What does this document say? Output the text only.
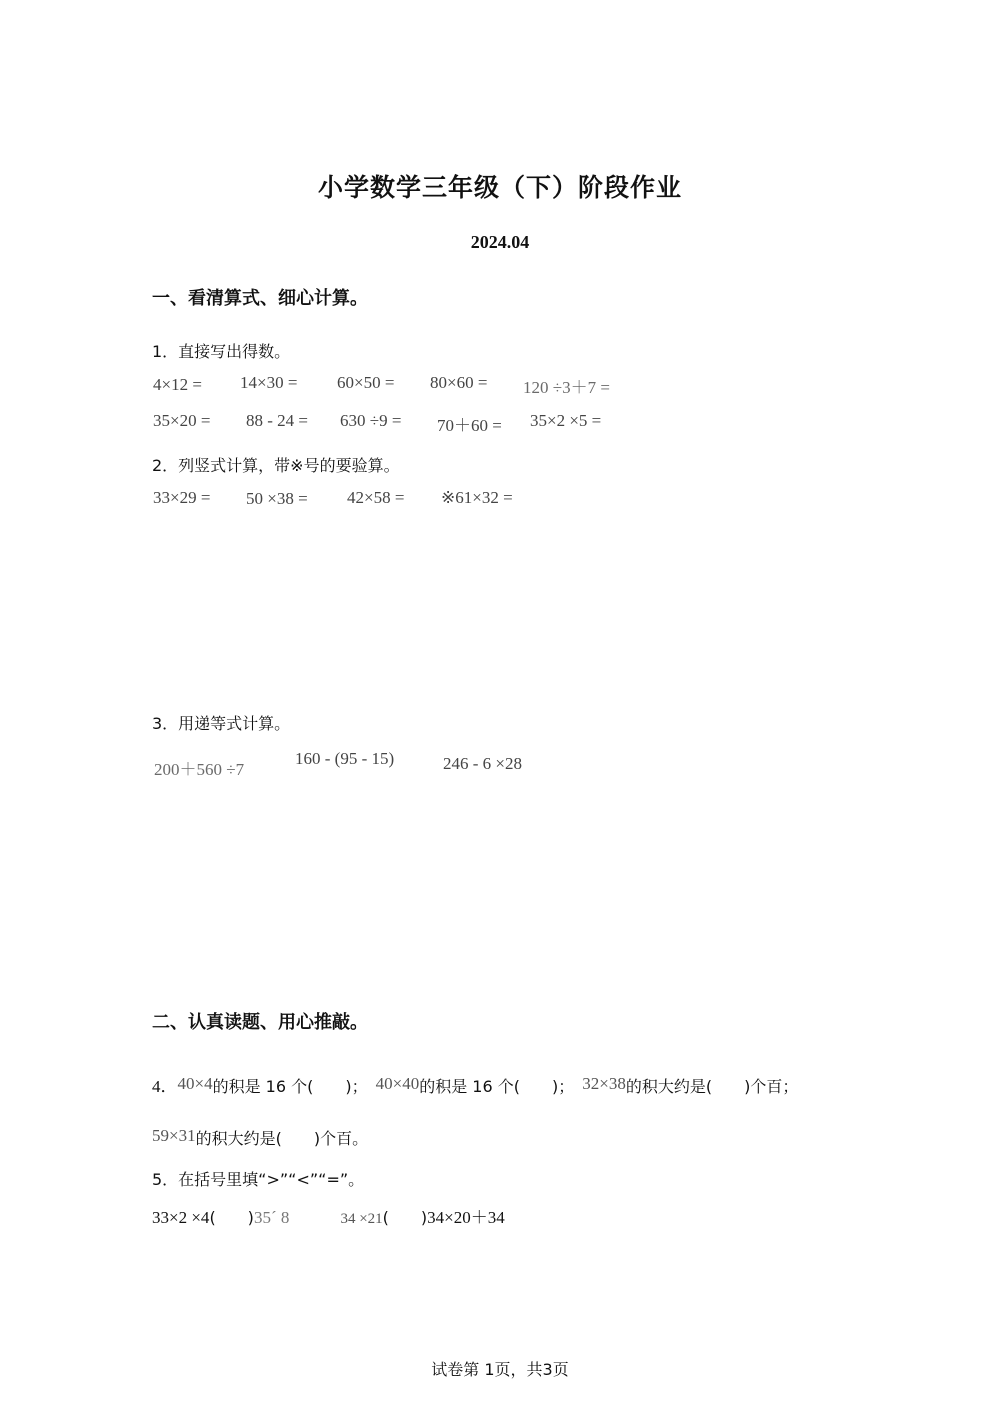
小学数学三年级（下）阶段作业
2024.04
一、看清算式、细心计算。
1．直接写出得数。
4×12 = 14×30 = 60×50 = 80×60 = 120 ÷3＋7 =
35×20 = 88 - 24 = 630 ÷9 = 70＋60 = 35×2 ×5 =
2．列竖式计算，带※号的要验算。
33×29 = 50 ×38 = 42×58 = ※61×32 =
3．用递等式计算。
200＋560 ÷7
160 - (95 - 15)	246 - 6 ×28
二、认真读题、用心推敲。
4．40×4的积是 16 个(　　)； 40×40的积是 16 个(　　)； 32×38的积大约是(　　)个百；
59×31的积大约是(　　)个百。
5．在括号里填“>”“<”“=”。
33×2 ×4(　　)35´ 8	34 ×21(　　)34×20＋34
试卷第 1页，共3页
